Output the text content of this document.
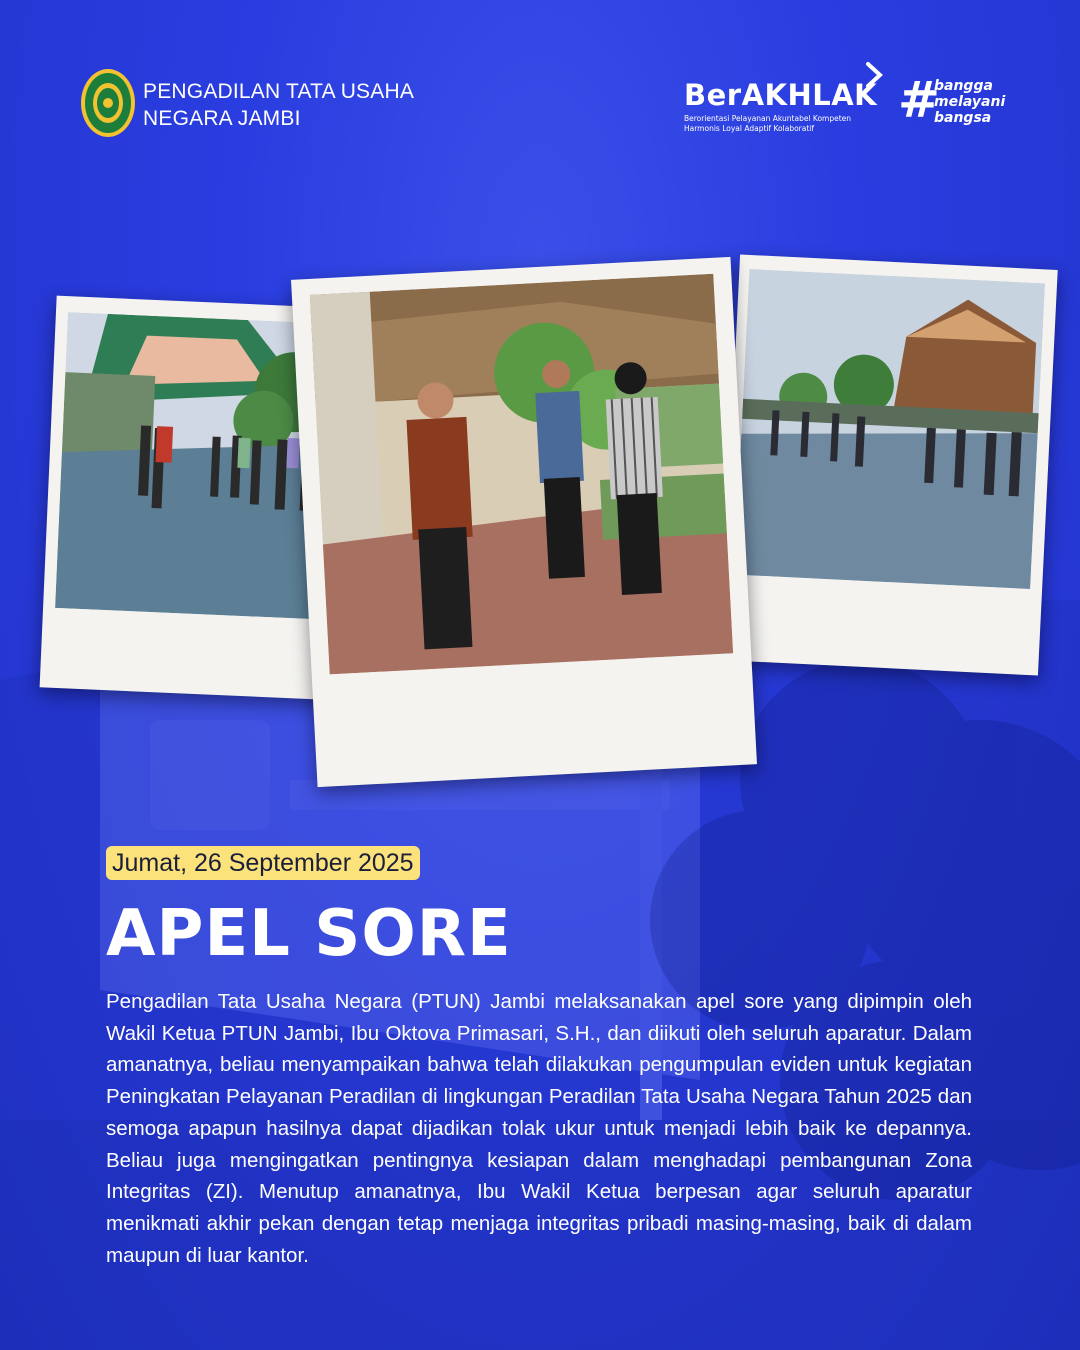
PENGADILAN TATA USAHA
NEGARA JAMBI
BerAKHLAK
Berorientasi Pelayanan Akuntabel Kompeten
Harmonis Loyal Adaptif Kolaboratif	#
bangga
melayani
bangsa
Jumat, 26 September 2025
APEL SORE

Pengadilan Tata Usaha Negara (PTUN) Jambi melaksanakan apel sore yang dipimpin oleh Wakil Ketua PTUN Jambi, Ibu Oktova Primasari, S.H., dan diikuti oleh seluruh aparatur. Dalam amanatnya, beliau menyampaikan bahwa telah dilakukan pengumpulan eviden untuk kegiatan Peningkatan Pelayanan Peradilan di lingkungan Peradilan Tata Usaha Negara Tahun 2025 dan semoga apapun hasilnya dapat dijadikan tolak ukur untuk menjadi lebih baik ke depannya. Beliau juga mengingatkan pentingnya kesiapan dalam menghadapi pembangunan Zona Integritas (ZI). Menutup amanatnya, Ibu Wakil Ketua berpesan agar seluruh aparatur menikmati akhir pekan dengan tetap menjaga integritas pribadi masing-masing, baik di dalam maupun di luar kantor.
